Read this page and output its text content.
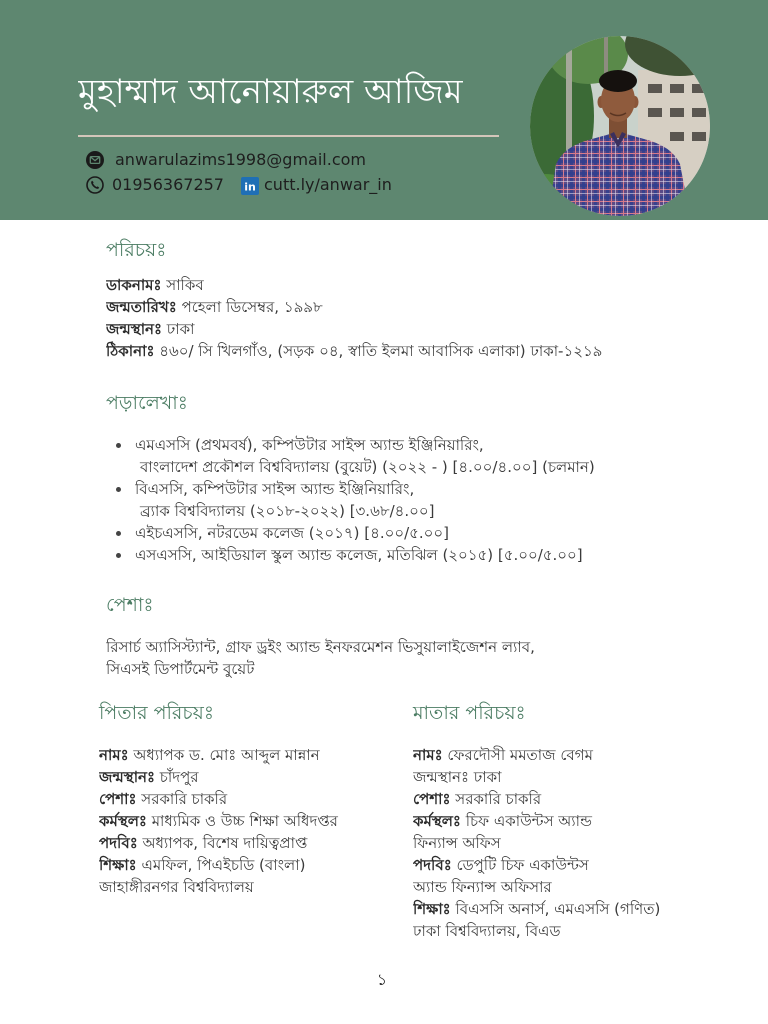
মুহাম্মাদ আনোয়ারুল আজিম
anwarulazims1998@gmail.com
01956367257 in cutt.ly/anwar_in
পরিচয়ঃ
ডাকনামঃ সাকিব
জন্মতারিখঃ পহেলা ডিসেম্বর, ১৯৯৮
জন্মস্থানঃ ঢাকা
ঠিকানাঃ ৪৬০/ সি খিলগাঁও, (সড়ক ০৪, স্বাতি ইলমা আবাসিক এলাকা) ঢাকা-১২১৯
পড়ালেখাঃ
এমএসসি (প্রথমবর্ষ), কম্পিউটার সাইন্স অ্যান্ড ইঞ্জিনিয়ারিং,
বাংলাদেশ প্রকৌশল বিশ্ববিদ্যালয় (বুয়েট) (২০২২ - ) [৪.০০/৪.০০] (চলমান)
বিএসসি, কম্পিউটার সাইন্স অ্যান্ড ইঞ্জিনিয়ারিং,
ব্র্যাক বিশ্ববিদ্যালয় (২০১৮-২০২২) [৩.৬৮/৪.০০]
এইচএসসি, নটরডেম কলেজ (২০১৭) [৪.০০/৫.০০]
এসএসসি, আইডিয়াল স্কুল অ্যান্ড কলেজ, মতিঝিল (২০১৫) [৫.০০/৫.০০]
পেশাঃ
রিসার্চ অ্যাসিস্ট্যান্ট, গ্রাফ ড্রইং অ্যান্ড ইনফরমেশন ভিসুয়ালাইজেশন ল্যাব,
সিএসই ডিপার্টমেন্ট বুয়েট
পিতার পরিচয়ঃ
নামঃ অধ্যাপক ড. মোঃ আব্দুল মান্নান
জন্মস্থানঃ চাঁদপুর
পেশাঃ সরকারি চাকরি
কর্মস্থলঃ মাধ্যমিক ও উচ্চ শিক্ষা অধিদপ্তর
পদবিঃ অধ্যাপক, বিশেষ দায়িত্বপ্রাপ্ত
শিক্ষাঃ এমফিল, পিএইচডি (বাংলা)
জাহাঙ্গীরনগর বিশ্ববিদ্যালয়
মাতার পরিচয়ঃ
নামঃ ফেরদৌসী মমতাজ বেগম
জন্মস্থানঃ ঢাকা
পেশাঃ সরকারি চাকরি
কর্মস্থলঃ চিফ একাউন্টস অ্যান্ড
ফিন্যান্স অফিস
পদবিঃ ডেপুটি চিফ একাউন্টস
অ্যান্ড ফিন্যান্স অফিসার
শিক্ষাঃ বিএসসি অনার্স, এমএসসি (গণিত)
ঢাকা বিশ্ববিদ্যালয়, বিএড
১
